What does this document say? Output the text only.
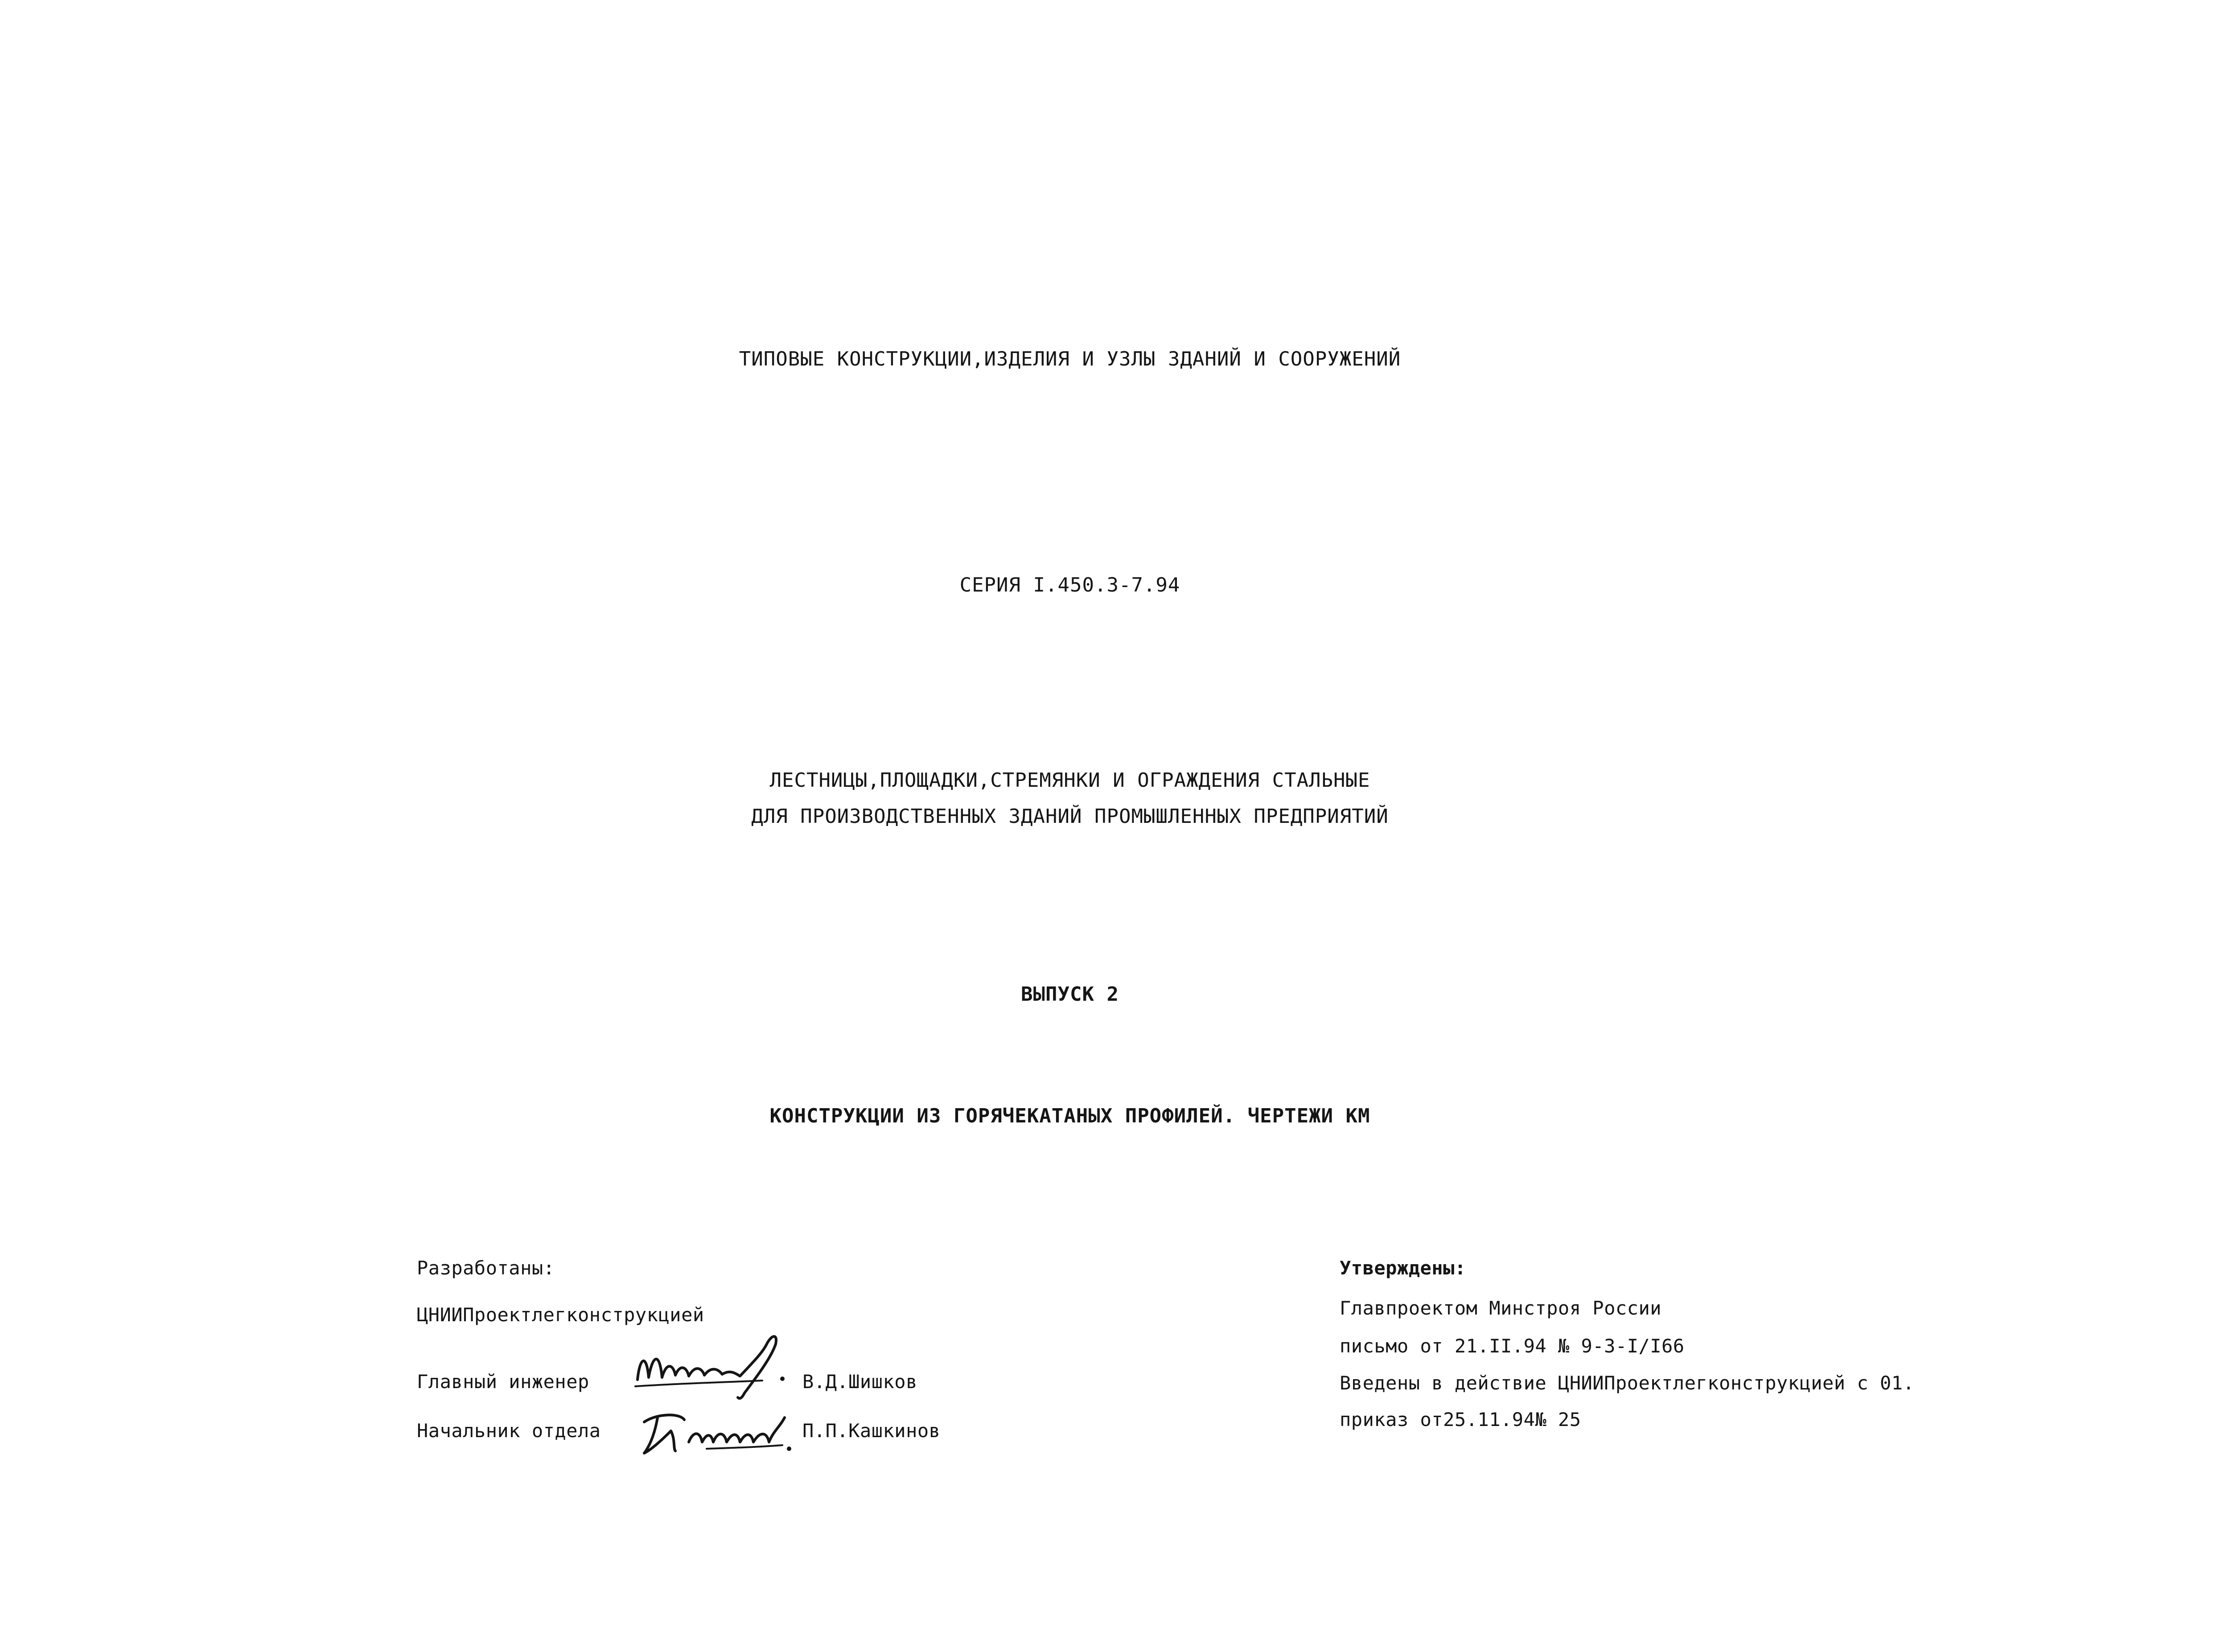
ТИПОВЫЕ КОНСТРУКЦИИ,ИЗДЕЛИЯ И УЗЛЫ ЗДАНИЙ И СООРУЖЕНИЙ
СЕРИЯ I.450.3-7.94
ЛЕСТНИЦЫ,ПЛОЩАДКИ,СТРЕМЯНКИ И ОГРАЖДЕНИЯ СТАЛЬНЫЕ
ДЛЯ ПРОИЗВОДСТВЕННЫХ ЗДАНИЙ ПРОМЫШЛЕННЫХ ПРЕДПРИЯТИЙ
ВЫПУСК 2
КОНСТРУКЦИИ ИЗ ГОРЯЧЕКАТАНЫХ ПРОФИЛЕЙ. ЧЕРТЕЖИ КМ
Разработаны:
ЦНИИПроектлегконструкцией
Главный инженер	В.Д.Шишков
Начальник отдела	П.П.Кашкинов
Утверждены:
Главпроектом Минстроя России
письмо от 21.II.94 № 9-3-I/I66
Введены в действие ЦНИИПроектлегконструкцией с 01.
приказ от25.11.94№ 25
